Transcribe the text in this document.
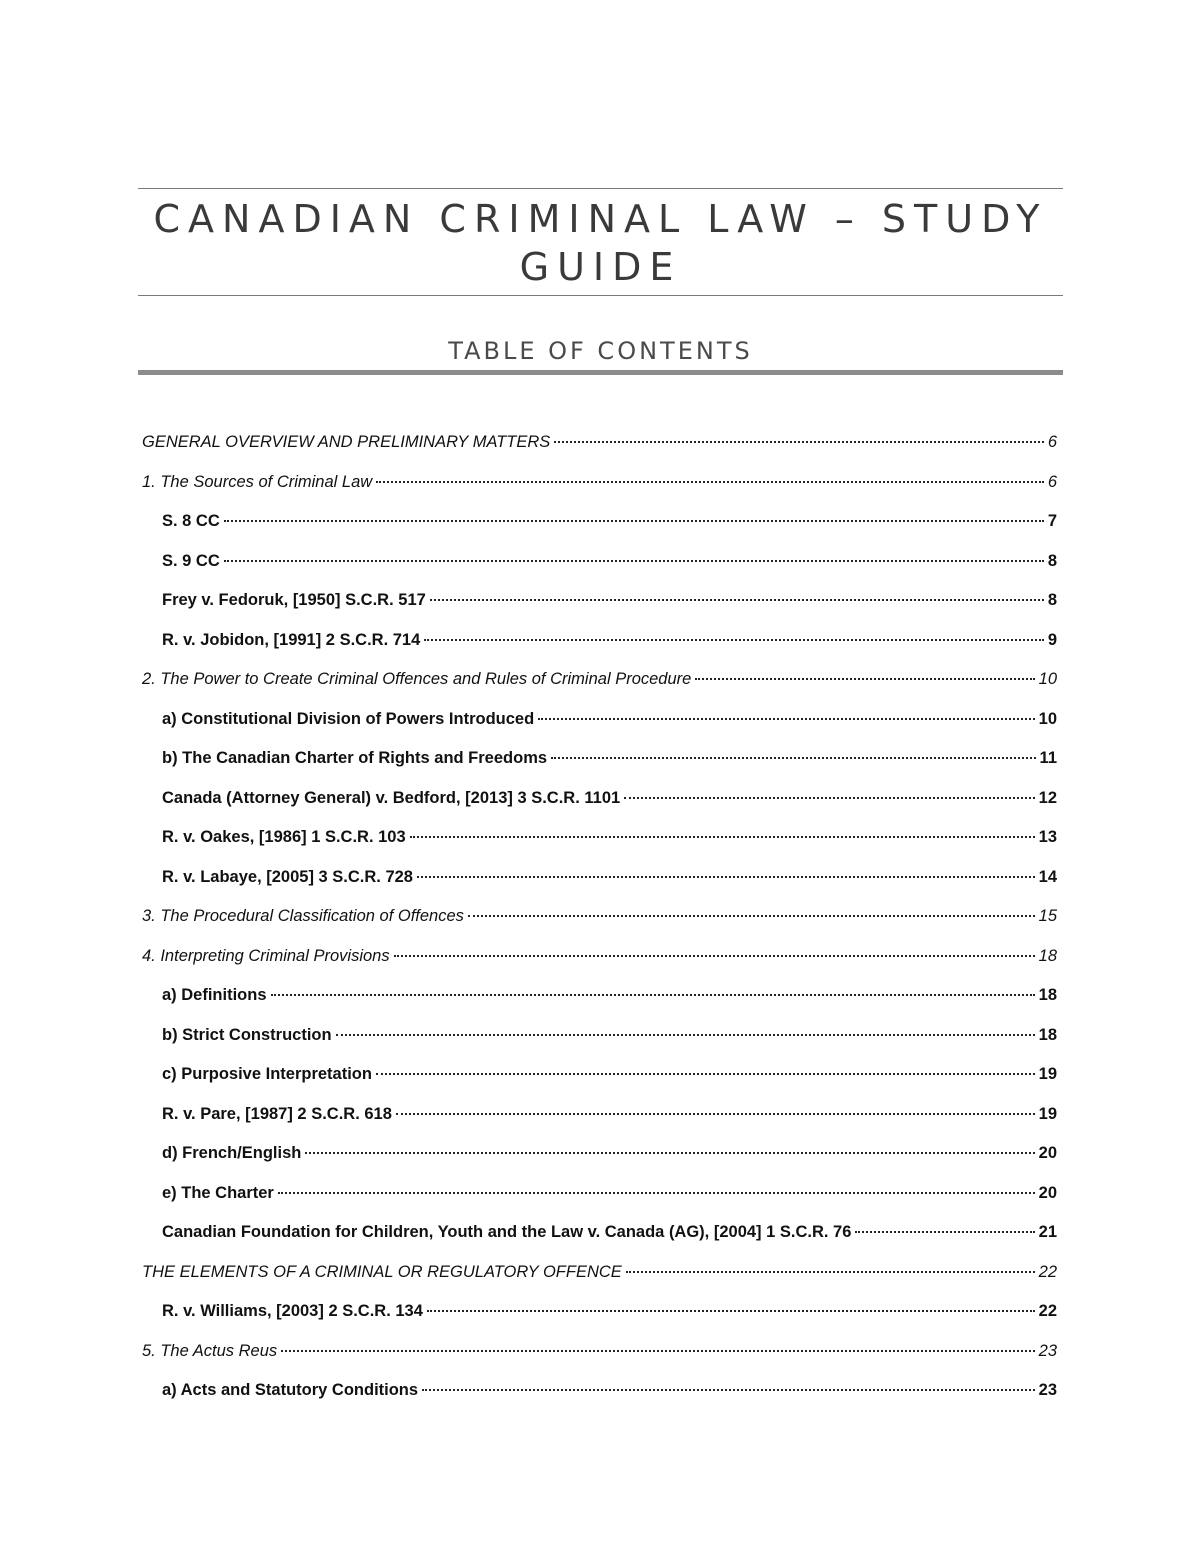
CANADIAN CRIMINAL LAW – STUDY GUIDE
TABLE OF CONTENTS
GENERAL OVERVIEW AND PRELIMINARY MATTERS	6
1. The Sources of Criminal Law	6
S. 8 CC	7
S. 9 CC	8
Frey v. Fedoruk, [1950] S.C.R. 517	8
R. v. Jobidon, [1991] 2 S.C.R. 714	9
2. The Power to Create Criminal Offences and Rules of Criminal Procedure	10
a) Constitutional Division of Powers Introduced	10
b) The Canadian Charter of Rights and Freedoms	11
Canada (Attorney General) v. Bedford, [2013] 3 S.C.R. 1101	12
R. v. Oakes, [1986] 1 S.C.R. 103	13
R. v. Labaye, [2005] 3 S.C.R. 728	14
3. The Procedural Classification of Offences	15
4. Interpreting Criminal Provisions	18
a) Definitions	18
b) Strict Construction	18
c) Purposive Interpretation	19
R. v. Pare, [1987] 2 S.C.R. 618	19
d) French/English	20
e) The Charter	20
Canadian Foundation for Children, Youth and the Law v. Canada (AG), [2004] 1 S.C.R. 76	21
THE ELEMENTS OF A CRIMINAL OR REGULATORY OFFENCE	22
R. v. Williams, [2003] 2 S.C.R. 134	22
5. The Actus Reus	23
a) Acts and Statutory Conditions	23
